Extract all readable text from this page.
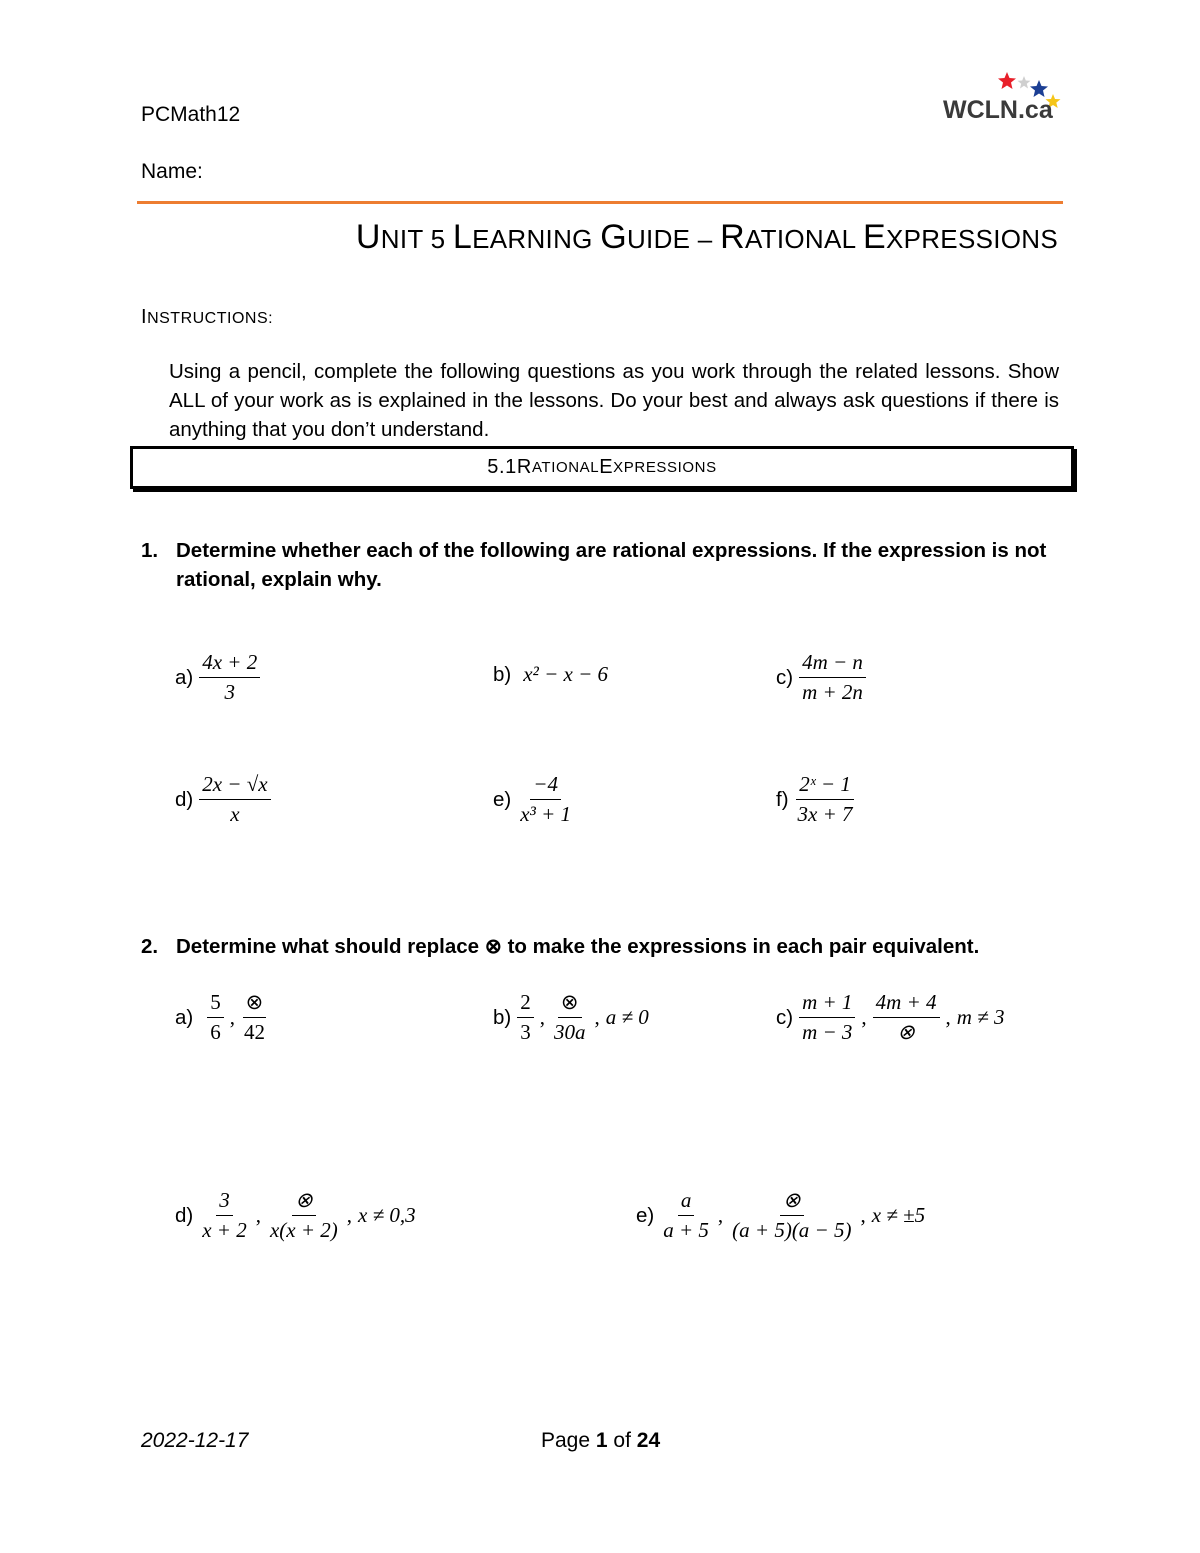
PCMath12
Name:
WCLN.ca
UNIT 5 LEARNING GUIDE – RATIONAL EXPRESSIONS
INSTRUCTIONS:
Using a pencil, complete the following questions as you work through the related lessons. Show ALL of your work as is explained in the lessons. Do your best and always ask questions if there is anything that you don’t understand.
5.1 R ATIONAL E XPRESSIONS
1. Determine whether each of the following are rational expressions. If the expression is not rational, explain why.
$a) \frac{4x + 2}{3}$	b) x² − x − 6	$c) \frac{4m - n}{m + 2n}$
$d) \frac{2x - √x}{x}$	$e) \frac{-4}{\text{x³ + 1}}$	$f) \frac{\text{2ˣ − 1}}{3x + 7}$
2. Determine what should replace ⊗ to make the expressions in each pair equivalent.
$a) \frac{5}{6}$ , $\frac{\otimes}{42}$	$b) \frac{2}{3}$ , $\frac{\otimes}{30a}$ , a ≠ 0	$c) \frac{m + 1}{m - 3}$ , $\frac{4m + 4}{\otimes}$ , m ≠ 3
$d) \frac{3}{x + 2}$ , $\frac{\otimes}{x(x + 2)}$ , x ≠ 0,3	$e) \frac{a}{a + 5}$ , $\frac{\otimes}{(a + 5)(a - 5)}$ , x ≠ ±5
2022-12-17	Page 1 of 24
